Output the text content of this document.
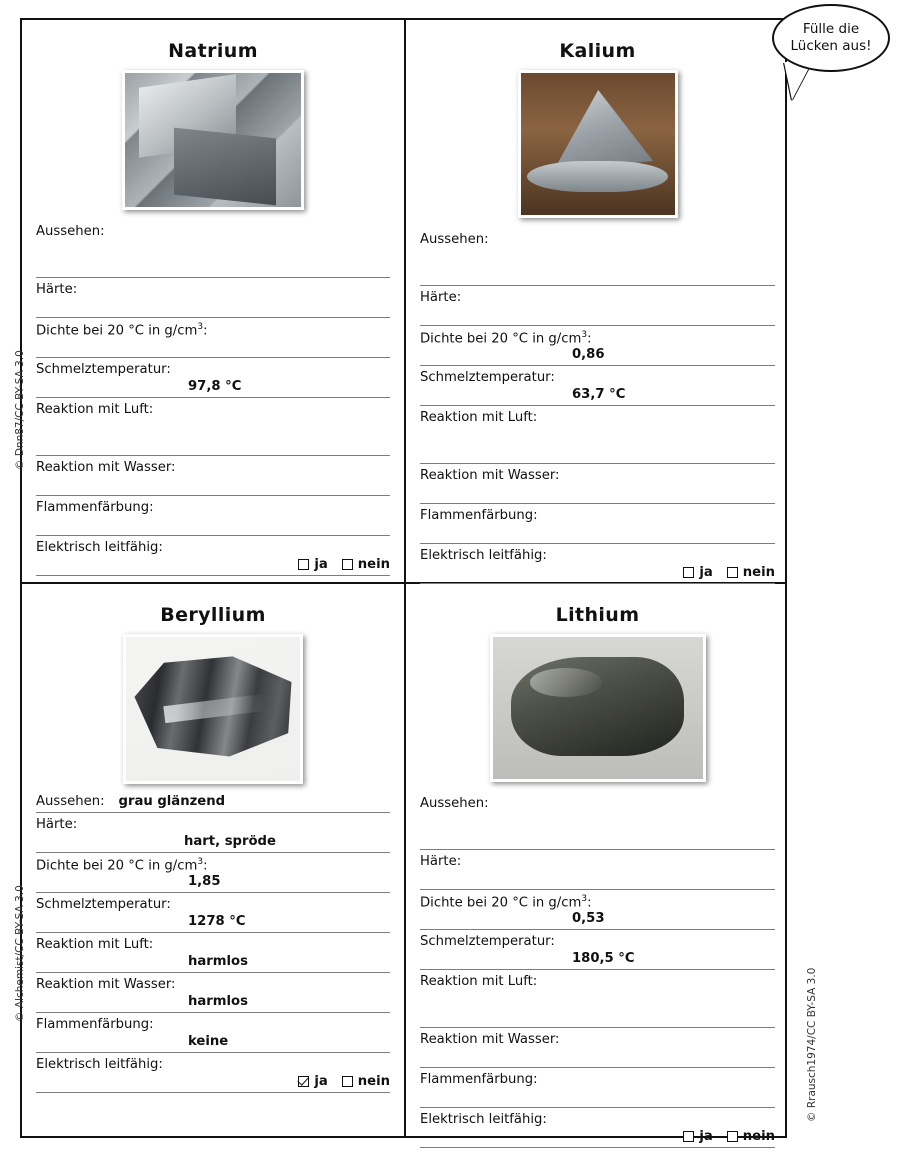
Natrium
Aussehen:
Härte:
Dichte bei 20 °C in $g/cm^3$:
Schmelztemperatur:
97,8 °C
Reaktion mit Luft:
Reaktion mit Wasser:
Flammenfärbung:
Elektrisch leitfähig:
ja nein
Kalium
Aussehen:
Härte:
Dichte bei 20 °C in $g/cm^3$:
0,86
Schmelztemperatur:
63,7 °C
Reaktion mit Luft:
Reaktion mit Wasser:
Flammenfärbung:
Elektrisch leitfähig:
ja nein
Beryllium
Aussehen: grau glänzend
Härte:
hart, spröde
Dichte bei 20 °C in $g/cm^3$:
1,85
Schmelztemperatur:
1278 °C
Reaktion mit Luft:
harmlos
Reaktion mit Wasser:
harmlos
Flammenfärbung:
keine
Elektrisch leitfähig:
ja nein
Lithium
Aussehen:
Härte:
Dichte bei 20 °C in $g/cm^3$:
0,53
Schmelztemperatur:
180,5 °C
Reaktion mit Luft:
Reaktion mit Wasser:
Flammenfärbung:
Elektrisch leitfähig:
ja nein
Fülle die
Lücken aus!
© Dnn87/CC BY-SA 3.0
© Alchemist/CC BY-SA 3.0
© Rrausch1974/CC BY-SA 3.0
